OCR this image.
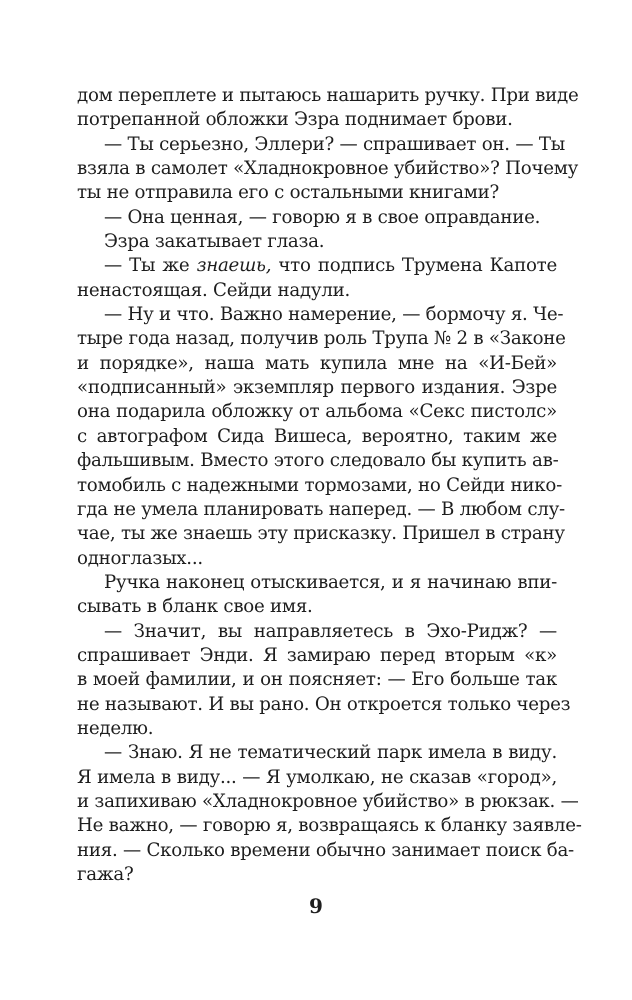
дом переплете и пытаюсь нашарить ручку. При виде
потрепанной обложки Эзра поднимает брови.
— Ты серьезно, Эллери? — спрашивает он. — Ты
взяла в самолет «Хладнокровное убийство»? Почему
ты не отправила его с остальными книгами?
— Она ценная, — говорю я в свое оправдание.
Эзра закатывает глаза.
— Ты же знаешь, что подпись Трумена Капоте
ненастоящая. Сейди надули.
— Ну и что. Важно намерение, — бормочу я. Че-
тыре года назад, получив роль Трупа № 2 в «Законе
и порядке», наша мать купила мне на «И-Бей»
«подписанный» экземпляр первого издания. Эзре
она подарила обложку от альбома «Секс пистолс»
с автографом Сида Вишеса, вероятно, таким же
фальшивым. Вместо этого следовало бы купить ав-
томобиль с надежными тормозами, но Сейди нико-
гда не умела планировать наперед. — В любом слу-
чае, ты же знаешь эту присказку. Пришел в страну
одноглазых...
Ручка наконец отыскивается, и я начинаю впи-
сывать в бланк свое имя.
— Значит, вы направляетесь в Эхо-Ридж? —
спрашивает Энди. Я замираю перед вторым «к»
в моей фамилии, и он поясняет: — Его больше так
не называют. И вы рано. Он откроется только через
неделю.
— Знаю. Я не тематический парк имела в виду.
Я имела в виду... — Я умолкаю, не сказав «город»,
и запихиваю «Хладнокровное убийство» в рюкзак. —
Не важно, — говорю я, возвращаясь к бланку заявле-
ния. — Сколько времени обычно занимает поиск ба-
гажа?
9
